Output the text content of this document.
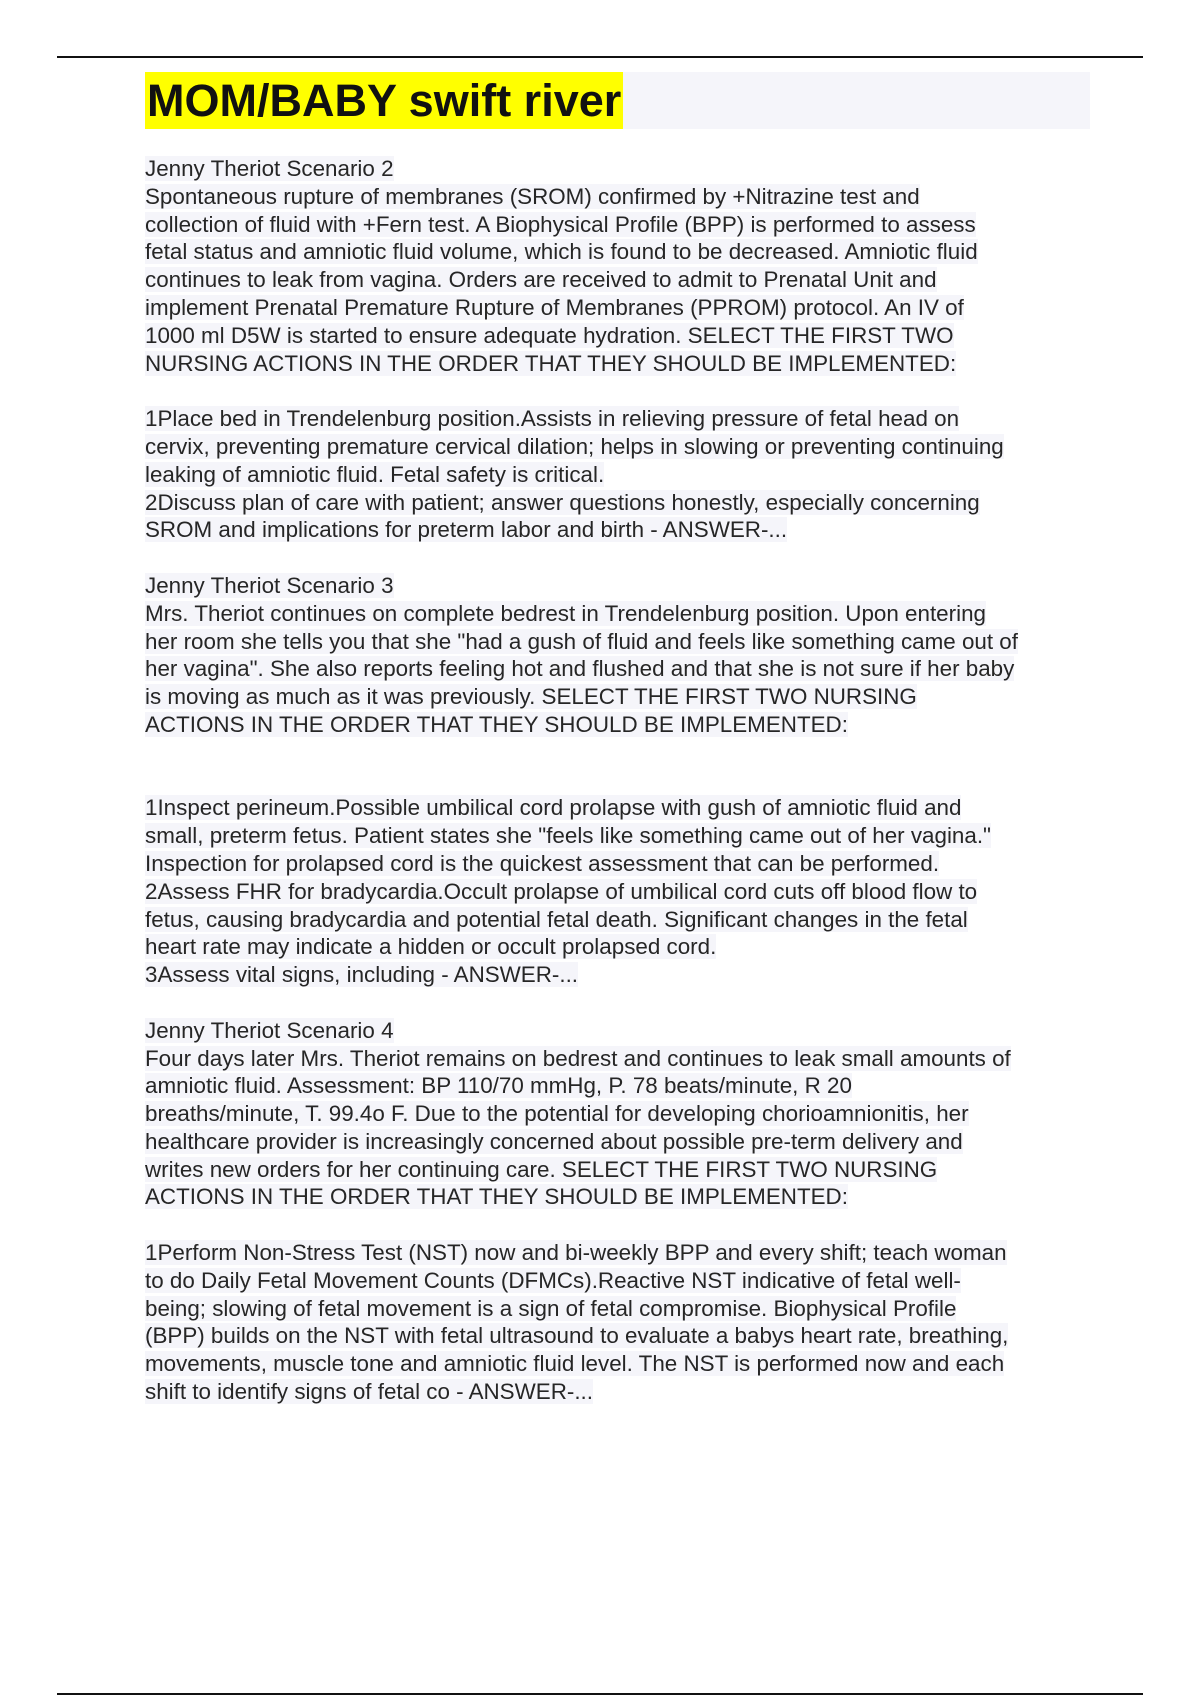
MOM/BABY swift river
Jenny Theriot Scenario 2
Spontaneous rupture of membranes (SROM) confirmed by +Nitrazine test and
collection of fluid with +Fern test. A Biophysical Profile (BPP) is performed to assess
fetal status and amniotic fluid volume, which is found to be decreased. Amniotic fluid
continues to leak from vagina. Orders are received to admit to Prenatal Unit and
implement Prenatal Premature Rupture of Membranes (PPROM) protocol. An IV of
1000 ml D5W is started to ensure adequate hydration. SELECT THE FIRST TWO
NURSING ACTIONS IN THE ORDER THAT THEY SHOULD BE IMPLEMENTED:
1Place bed in Trendelenburg position.Assists in relieving pressure of fetal head on
cervix, preventing premature cervical dilation; helps in slowing or preventing continuing
leaking of amniotic fluid. Fetal safety is critical.
2Discuss plan of care with patient; answer questions honestly, especially concerning
SROM and implications for preterm labor and birth - ANSWER-...
Jenny Theriot Scenario 3
Mrs. Theriot continues on complete bedrest in Trendelenburg position. Upon entering
her room she tells you that she "had a gush of fluid and feels like something came out of
her vagina". She also reports feeling hot and flushed and that she is not sure if her baby
is moving as much as it was previously. SELECT THE FIRST TWO NURSING
ACTIONS IN THE ORDER THAT THEY SHOULD BE IMPLEMENTED:
1Inspect perineum.Possible umbilical cord prolapse with gush of amniotic fluid and
small, preterm fetus. Patient states she "feels like something came out of her vagina."
Inspection for prolapsed cord is the quickest assessment that can be performed.
2Assess FHR for bradycardia.Occult prolapse of umbilical cord cuts off blood flow to
fetus, causing bradycardia and potential fetal death. Significant changes in the fetal
heart rate may indicate a hidden or occult prolapsed cord.
3Assess vital signs, including - ANSWER-...
Jenny Theriot Scenario 4
Four days later Mrs. Theriot remains on bedrest and continues to leak small amounts of
amniotic fluid. Assessment: BP 110/70 mmHg, P. 78 beats/minute, R 20
breaths/minute, T. 99.4o F. Due to the potential for developing chorioamnionitis, her
healthcare provider is increasingly concerned about possible pre-term delivery and
writes new orders for her continuing care. SELECT THE FIRST TWO NURSING
ACTIONS IN THE ORDER THAT THEY SHOULD BE IMPLEMENTED:
1Perform Non-Stress Test (NST) now and bi-weekly BPP and every shift; teach woman
to do Daily Fetal Movement Counts (DFMCs).Reactive NST indicative of fetal well-
being; slowing of fetal movement is a sign of fetal compromise. Biophysical Profile
(BPP) builds on the NST with fetal ultrasound to evaluate a babys heart rate, breathing,
movements, muscle tone and amniotic fluid level. The NST is performed now and each
shift to identify signs of fetal co - ANSWER-...
